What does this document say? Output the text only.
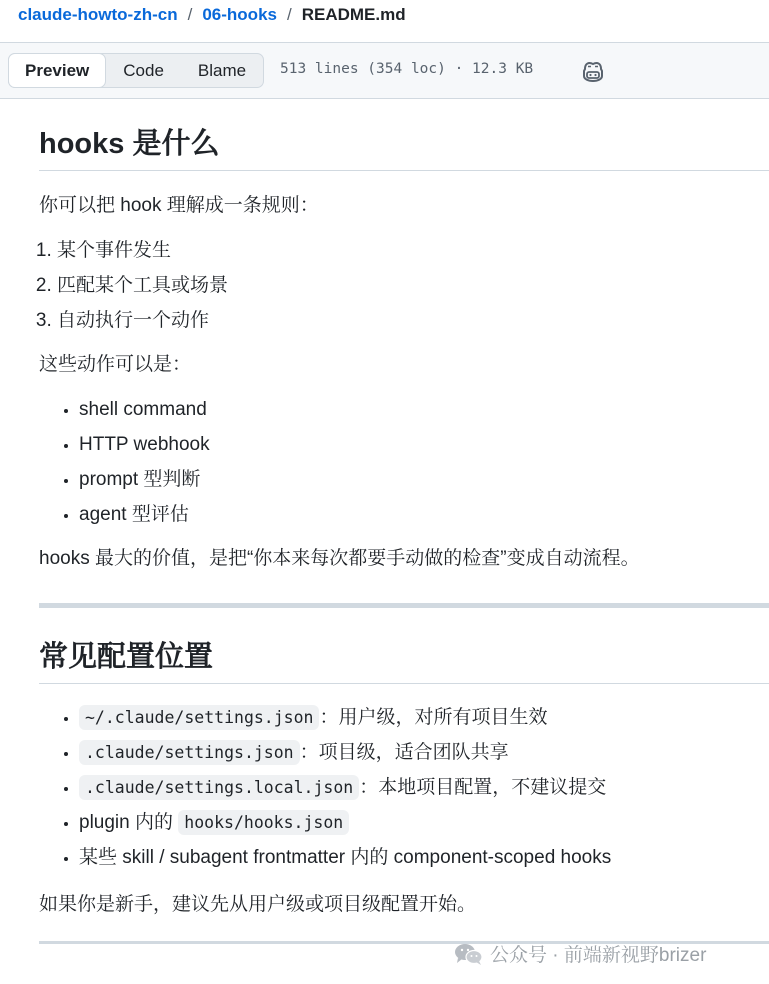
claude-howto-zh-cn / 06-hooks / README.md
Preview	Code	Blame	513 lines (354 loc) · 12.3 KB
hooks 是什么

你可以把 hook 理解成一条规则：

1. 某个事件发生
2. 匹配某个工具或场景
3. 自动执行一个动作

这些动作可以是：

• shell command
• HTTP webhook
• prompt 型判断
• agent 型评估

hooks 最大的价值，是把“你本来每次都要手动做的检查”变成自动流程。

常见配置位置
• ~/.claude/settings.json ：用户级，对所有项目生效
• .claude/settings.json ：项目级，适合团队共享
• .claude/settings.local.json ：本地项目配置，不建议提交
• plugin 内的 hooks/hooks.json
• 某些 skill / subagent frontmatter 内的 component-scoped hooks

如果你是新手，建议先从用户级或项目级配置开始。

公众号 · 前端新视野brizer
